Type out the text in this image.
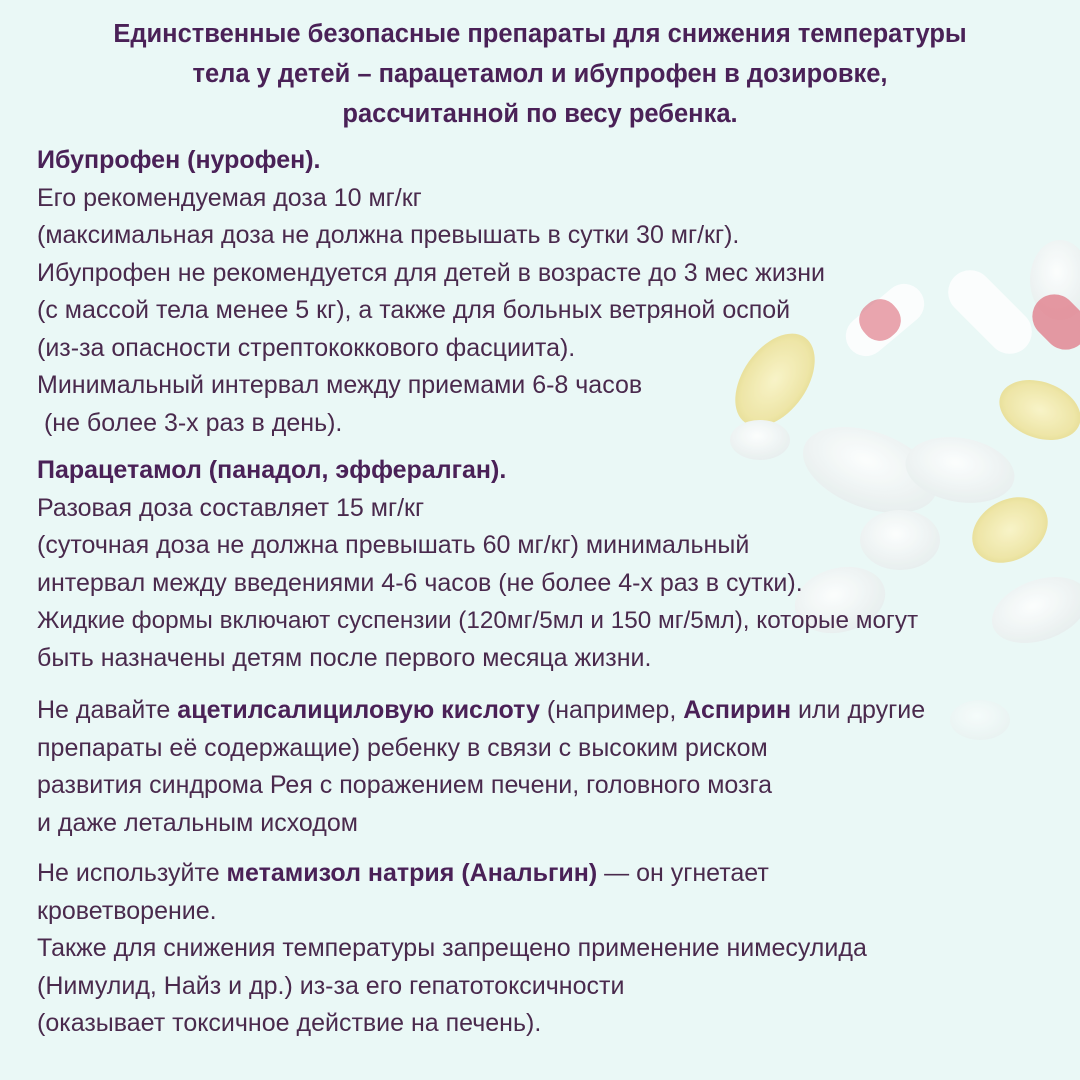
Единственные безопасные препараты для снижения температуры
тела у детей – парацетамол и ибупрофен в дозировке,
рассчитанной по весу ребенка.
Ибупрофен (нурофен).
Его рекомендуемая доза 10 мг/кг
(максимальная доза не должна превышать в сутки 30 мг/кг).
Ибупрофен не рекомендуется для детей в возрасте до 3 мес жизни
(с массой тела менее 5 кг), а также для больных ветряной оспой
(из-за опасности стрептококкового фасциита).
Минимальный интервал между приемами 6-8 часов
(не более 3-х раз в день).
Парацетамол (панадол, эффералган).
Разовая доза составляет 15 мг/кг
(суточная доза не должна превышать 60 мг/кг) минимальный
интервал между введениями 4-6 часов (не более 4-х раз в сутки).
Жидкие формы включают суспензии (120мг/5мл и 150 мг/5мл), которые могут
быть назначены детям после первого месяца жизни.
Не давайте ацетилсалициловую кислоту (например, Аспирин или другие
препараты её содержащие) ребенку в связи с высоким риском
развития синдрома Рея с поражением печени, головного мозга
и даже летальным исходом
Не используйте метамизол натрия (Анальгин) — он угнетает
кроветворение.
Также для снижения температуры запрещено применение нимесулида
(Нимулид, Найз и др.) из-за его гепатотоксичности
(оказывает токсичное действие на печень).
